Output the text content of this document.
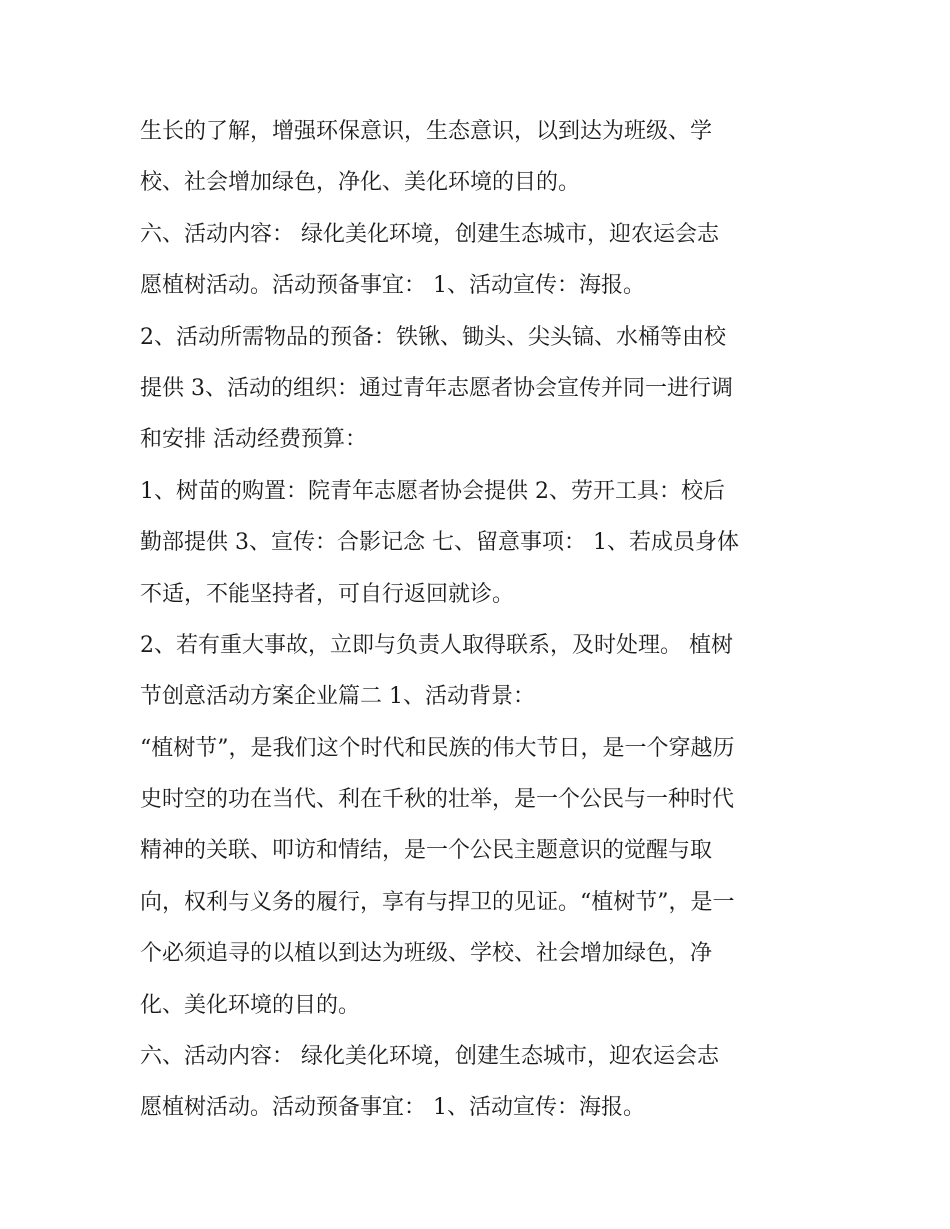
生长的了解，增强环保意识，生态意识，以到达为班级、学
校、社会增加绿色，净化、美化环境的目的。
六、活动内容： 绿化美化环境，创建生态城市，迎农运会志
愿植树活动。活动预备事宜： 1、活动宣传：海报。
2、活动所需物品的预备：铁锹、锄头、尖头镐、水桶等由校
提供 3、活动的组织：通过青年志愿者协会宣传并同一进行调
和安排 活动经费预算：
1、树苗的购置：院青年志愿者协会提供 2、劳开工具：校后
勤部提供 3、宣传：合影记念 七、留意事项： 1、若成员身体
不适，不能坚持者，可自行返回就诊。
2、若有重大事故，立即与负责人取得联系，及时处理。 植树
节创意活动方案企业篇二 1、活动背景：
“植树节”，是我们这个时代和民族的伟大节日，是一个穿越历
史时空的功在当代、利在千秋的壮举，是一个公民与一种时代
精神的关联、叩访和情结，是一个公民主题意识的觉醒与取
向，权利与义务的履行，享有与捍卫的见证。“植树节”，是一
个必须追寻的以植以到达为班级、学校、社会增加绿色，净
化、美化环境的目的。
六、活动内容： 绿化美化环境，创建生态城市，迎农运会志
愿植树活动。活动预备事宜： 1、活动宣传：海报。
